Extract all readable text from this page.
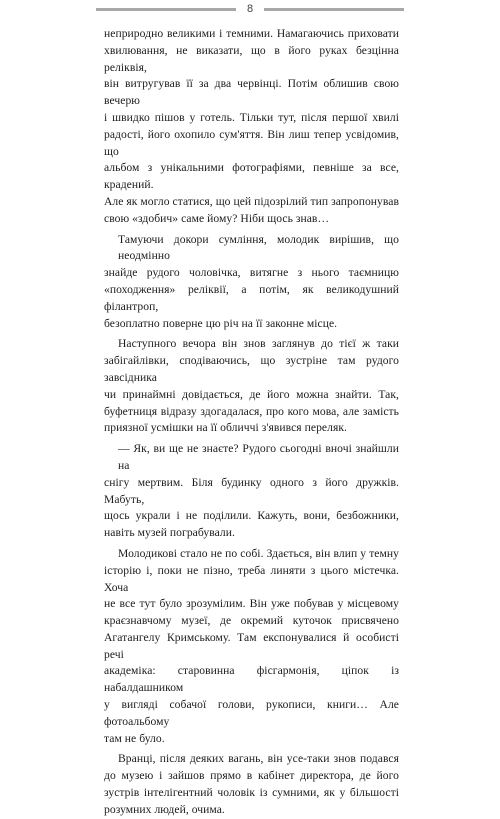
8
неприродно великими і темними. Намагаючись приховати
хвилювання, не виказати, що в його руках безцінна реліквія,
він витругував її за два червінці. Потім облишив свою вечерю
і швидко пішов у готель. Тільки тут, після першої хвилі
радості, його охопило сум'яття. Він лиш тепер усвідомив, що
альбом з унікальними фотографіями, певніше за все, крадений.
Але як могло статися, що цей підозрілий тип запропонував свою «здобич» саме йому? Ніби щось знав…
Тамуючи докори сумління, молодик вирішив, що неодмінно
знайде рудого чоловічка, витягне з нього таємницю
«походження» реліквії, а потім, як великодушний філантроп,
безоплатно поверне цю річ на її законне місце.
Наступного вечора він знов заглянув до тієї ж таки
забігайлівки, сподіваючись, що зустріне там рудого завсідника
чи принаймні довідається, де його можна знайти. Так,
буфетниця відразу здогадалася, про кого мова, але замість
приязної усмішки на її обличчі з'явився переляк.
— Як, ви ще не знаєте? Рудого сьогодні вночі знайшли на
снігу мертвим. Біля будинку одного з його дружків. Мабуть,
щось украли і не поділили. Кажуть, вони, безбожники,
навіть музей пограбували.
Молодикові стало не по собі. Здається, він влип у темну
історію і, поки не пізно, треба линяти з цього містечка. Хоча
не все тут було зрозумілим. Він уже побував у місцевому
краєзнавчому музеї, де окремий куточок присвячено
Агатангелу Кримському. Там експонувалися й особисті речі
академіка: старовинна фісгармонія, ціпок із набалдашником
у вигляді собачої голови, рукописи, книги… Але фотоальбому
там не було.
Вранці, після деяких вагань, він усе-таки знов подався
до музею і зайшов прямо в кабінет директора, де його
зустрів інтелігентний чоловік із сумними, як у більшості
розумних людей, очима.
